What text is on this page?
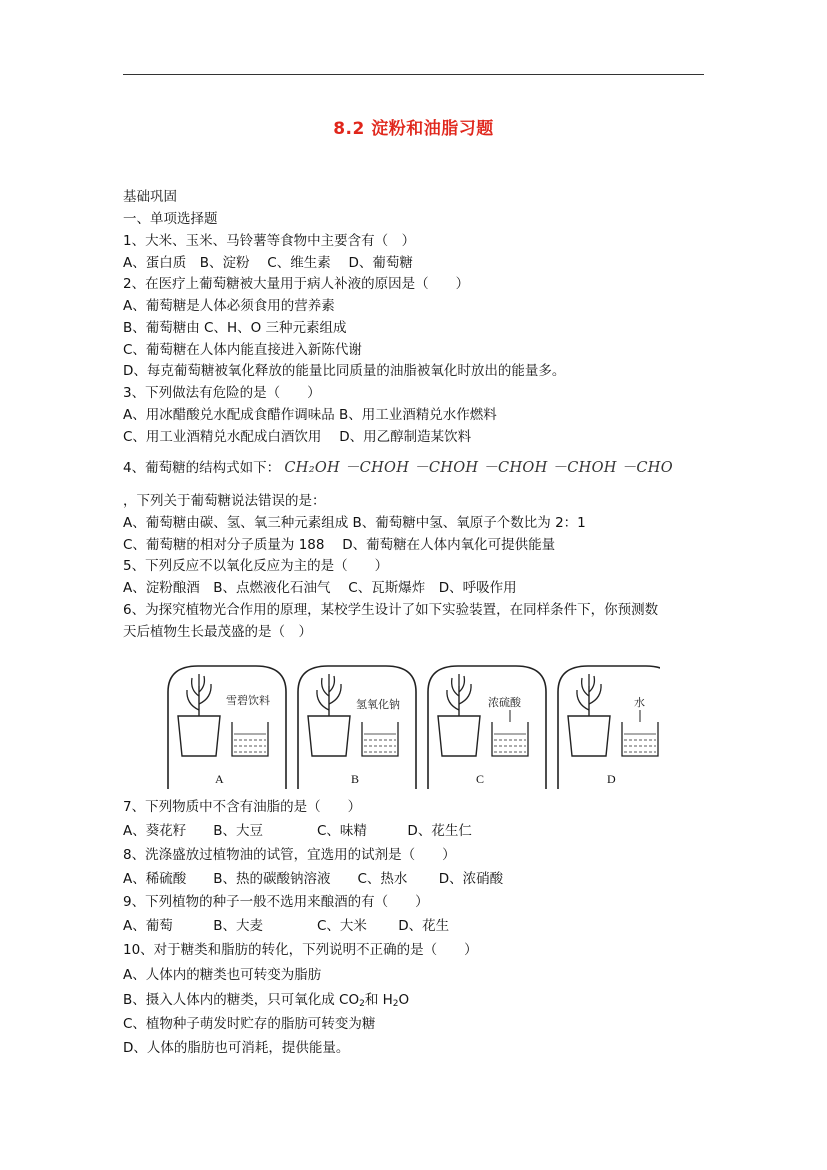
8.2 淀粉和油脂习题
基础巩固
一、单项选择题
1、大米、玉米、马铃薯等食物中主要含有（　）
A、蛋白质　B、淀粉　 C、维生素　 D、葡萄糖
2、在医疗上葡萄糖被大量用于病人补液的原因是（　　）
A、葡萄糖是人体必须食用的营养素
B、葡萄糖由 C、H、O 三种元素组成
C、葡萄糖在人体内能直接进入新陈代谢
D、每克葡萄糖被氧化释放的能量比同质量的油脂被氧化时放出的能量多。
3、下列做法有危险的是（　　）
A、用冰醋酸兑水配成食醋作调味品 B、用工业酒精兑水作燃料
C、用工业酒精兑水配成白酒饮用　 D、用乙醇制造某饮料
4、葡萄糖的结构式如下： CH₂OH －CHOH －CHOH －CHOH －CHOH －CHO
，下列关于葡萄糖说法错误的是：
A、葡萄糖由碳、氢、氧三种元素组成 B、葡萄糖中氢、氧原子个数比为 2：1
C、葡萄糖的相对分子质量为 188　 D、葡萄糖在人体内氧化可提供能量
5、下列反应不以氧化反应为主的是（　　）
A、淀粉酿酒　B、点燃液化石油气　 C、瓦斯爆炸　D、呼吸作用
6、为探究植物光合作用的原理，某校学生设计了如下实验装置，在同样条件下，你预测数
天后植物生长最茂盛的是（　）
雪碧饮料	氢氧化钠	浓硫酸	水
A	B	C	D
7、下列物质中不含有油脂的是（　　）
A、葵花籽　　B、大豆　　　　C、味精　　　D、花生仁
8、洗涤盛放过植物油的试管，宜选用的试剂是（　　）
A、稀硫酸　　B、热的碳酸钠溶液　　C、热水　　 D、浓硝酸
9、下列植物的种子一般不选用来酿酒的有（　　）
A、葡萄　　　B、大麦　　　　C、大米　　 D、花生
10、对于糖类和脂肪的转化，下列说明不正确的是（　　）
A、人体内的糖类也可转变为脂肪
B、摄入人体内的糖类，只可氧化成 $CO_2$和 $H_2O$
C、植物种子萌发时贮存的脂肪可转变为糖
D、人体的脂肪也可消耗，提供能量。
